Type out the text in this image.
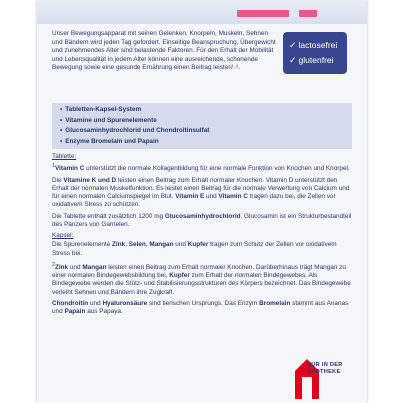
Unser Bewegungsapparat mit seinen Gelenken, Knorpeln, Muskeln, Sehnen und Bändern wird jeden Tag gefordert. Einseitige Beanspruchung, Übergewicht und zunehmendes Alter sind belastende Faktoren. Für den Erhalt der Mobilität und Lebensqualität in jedem Alter können eine ausreichende, schonende Bewegung sowie eine gesunde Ernährung einen Beitrag leisten¹˒².
✓ lactosefrei
✓ glutenfrei
• Tabletten-Kapsel-System
• Vitamine und Spurenelemente
• Glucosaminhydrochlorid und Chondroitinsulfat
• Enzyme Bromelain und Papain
Tablette:

$^1$Vitamin C unterstützt die normale Kollagenbildung für eine normale Funktion von Knochen und Knorpel.

Die Vitamine K und D leisten einen Beitrag zum Erhalt normaler Knochen. Vitamin D unterstützt den Erhalt der normalen Muskelfunktion. Es leistet einen Beitrag für die normale Verwertung von Calcium und für einen normalen Calciumspiegel im Blut. Vitamin E und Vitamin C tragen dazu bei, die Zellen vor oxidativem Stress zu schützen.

Die Tablette enthält zusätzlich 1200 mg Glucosaminhydrochlorid. Glucosamin ist ein Strukturbestandteil des Panzers von Garnelen.

Kapsel:

Die Spurenelemente Zink, Selen, Mangan und Kupfer tragen zum Schutz der Zellen vor oxidativem Stress bei.

$^2$Zink und Mangan leisten einen Beitrag zum Erhalt normaler Knochen. Darüberhinaus trägt Mangan zu einer normalen Bindegewebsbildung bei, Kupfer zum Erhalt der normalen Bindegewebes. Als Bindegewebe werden die Stütz- und Stabilisierungsstrukturen des Körpers bezeichnet. Das Bindegewebe verleiht Sehnen und Bändern ihre Zugkraft.

Chondroitin und Hyaluronsäure sind tierischen Ursprungs. Das Enzym Bromelain stammt aus Ananas und Papain aus Papaya.

NUR IN DER
APOTHEKE
